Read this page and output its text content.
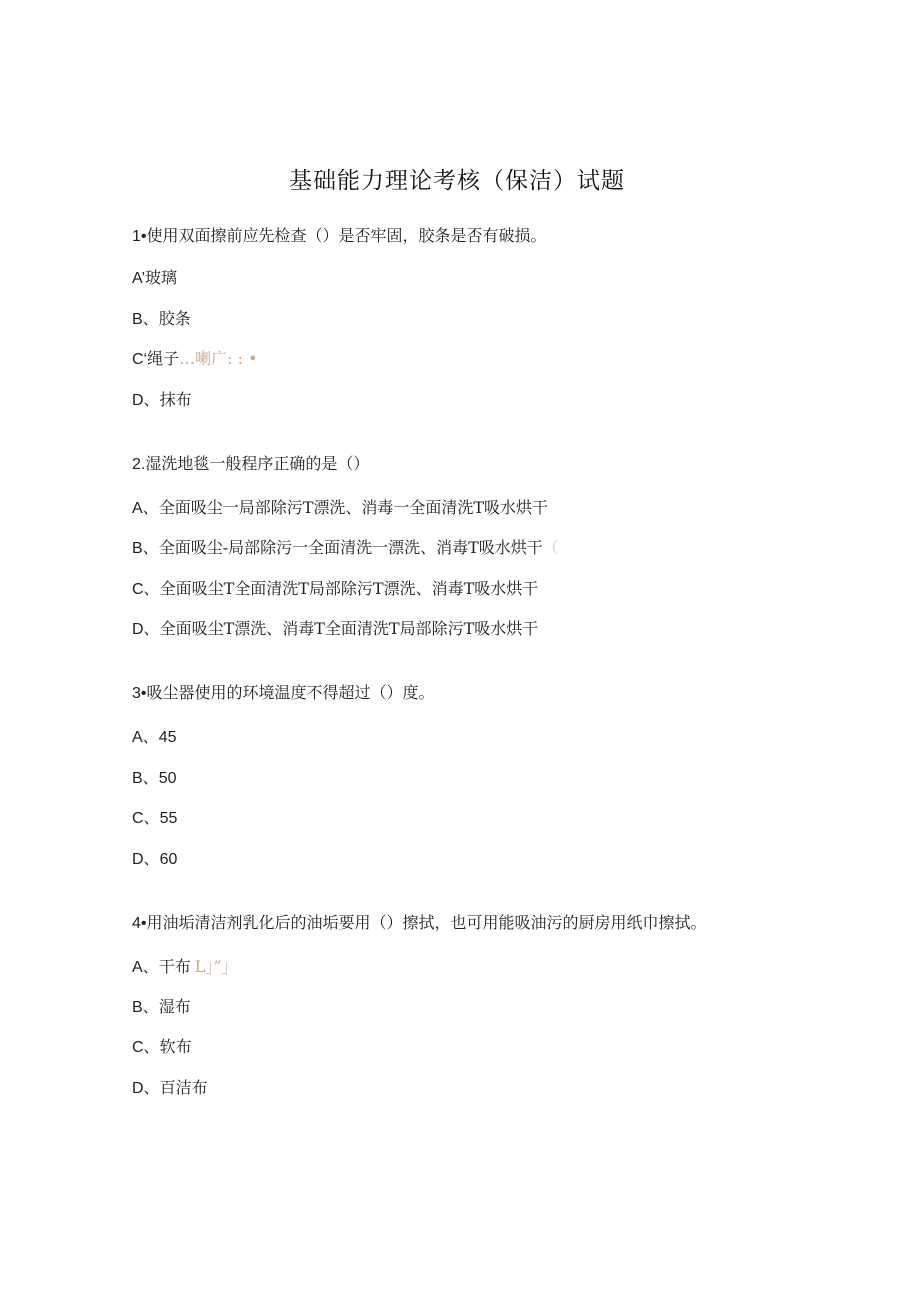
基础能力理论考核（保洁）试题
1•使用双面擦前应先检查（）是否牢固，胶条是否有破损。
A’玻璃
B、胶条
C‘绳子…喇广: : •
D、抹布
2.湿洗地毯一般程序正确的是（）
A、全面吸尘一局部除污T漂洗、消毒一全面清洗T吸水烘干
B、全面吸尘-局部除污一全面清洗一漂洗、消毒T吸水烘干（
C、全面吸尘T全面清洗T局部除污T漂洗、消毒T吸水烘干
D、全面吸尘T漂洗、消毒T全面清洗T局部除污T吸水烘干
3•吸尘器使用的环境温度不得超过（）度。
A、45
B、50
C、55
D、60
4•用油垢清洁剂乳化后的油垢要用（）擦拭，也可用能吸油污的厨房用纸巾擦拭。
A、干布 L」”」
B、湿布
C、软布
D、百洁布
